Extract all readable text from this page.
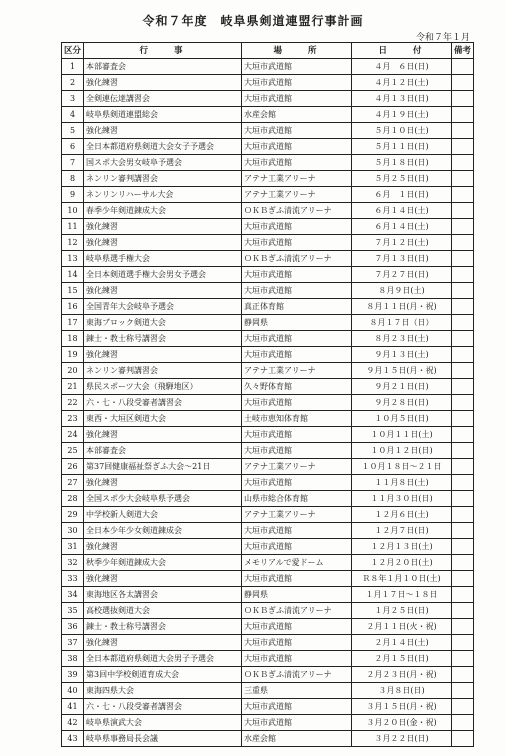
令和７年度　岐阜県剣道連盟行事計画
令和７年１月
区分	行　　事	場　　所	日　　付	備考
1	本部審査会	大垣市武道館	４月　６日(日)	
2	強化練習	大垣市武道館	４月１２日(土)	
3	全剣連伝達講習会	大垣市武道館	４月１３日(日)	
4	岐阜県剣道連盟総会	水産会館	４月１９日(土)	
5	強化練習	大垣市武道館	５月１０日(土)	
6	全日本都道府県剣道大会女子予選会	大垣市武道館	５月１１日(日)	
7	国スポ大会男女岐阜予選会	大垣市武道館	５月１８日(日)	
8	ネンリン審判講習会	アテナ工業アリーナ	５月２５日(日)	
9	ネンリンリハーサル大会	アテナ工業アリーナ	６月　１日(日)	
10	春季少年剣道錬成大会	ＯＫＢぎふ清流アリーナ	６月１４日(土)	
11	強化練習	大垣市武道館	６月１４日(土)	
12	強化練習	大垣市武道館	７月１２日(土)	
13	岐阜県選手権大会	ＯＫＢぎふ清流アリーナ	７月１３日(日)	
14	全日本剣道選手権大会男女予選会	大垣市武道館	７月２７日(日)	
15	強化練習	大垣市武道館	８月９日(土)	
16	全国青年大会岐阜予選会	真正体育館	８月１１日(月・祝)	
17	東海ブロック剣道大会	静岡県	８月１７日（日）	
18	錬士・教士称号講習会	大垣市武道館	８月２３日(土)	
19	強化練習	大垣市武道館	９月１３日(土)	
20	ネンリン審判講習会	アテナ工業アリーナ	９月１５日(月・祝)	
21	県民スポーツ大会（飛騨地区）	久々野体育館	９月２１日(日)	
22	六・七・八段受審者講習会	大垣市武道館	９月２８日(日)	
23	東西・大垣区剣道大会	土岐市恵知体育館	１０月５日(日)	
24	強化練習	大垣市武道館	１０月１１日(土)	
25	本部審査会	大垣市武道館	１０月１２日(日)	
26	第37回健康福祉祭ぎふ大会～21日	アテナ工業アリーナ	１０月１８日～２１日	
27	強化練習	大垣市武道館	１１月８日(土)	
28	全国スポ少大会岐阜県予選会	山県市総合体育館	１１月３０日(日)	
29	中学校新人剣道大会	アテナ工業アリーナ	１２月６日(土)	
30	全日本少年少女剣道錬成会	大垣市武道館	１２月７日(日)	
31	強化練習	大垣市武道館	１２月１３日(土)	
32	秋季少年剣道錬成大会	メモリアルで愛ドーム	１２月２０日(土)	
33	強化練習	大垣市武道館	Ｒ８年１月１０日(土)	
34	東海地区各太講習会	静岡県	１月１７日～１８日	
35	高校選抜剣道大会	ＯＫＢぎふ清流アリーナ	１月２５日(日)	
36	錬士・教士称号講習会	大垣市武道館	２月１１日(火・祝)	
37	強化練習	大垣市武道館	２月１４日(土)	
38	全日本都道府県剣道大会男子予選会	大垣市武道館	２月１５日(日)	
39	第3回中学校剣道育成大会	ＯＫＢぎふ清流アリーナ	２月２３日(月・祝)	
40	東海四県大会	三重県	３月８日(日)	
41	六・七・八段受審者講習会	大垣市武道館	３月１５日(月・祝)	
42	岐阜県演武大会	大垣市武道館	３月２０日(金・祝)	
43	岐阜県事務局長会議	水産会館	３月２２日(日)	
